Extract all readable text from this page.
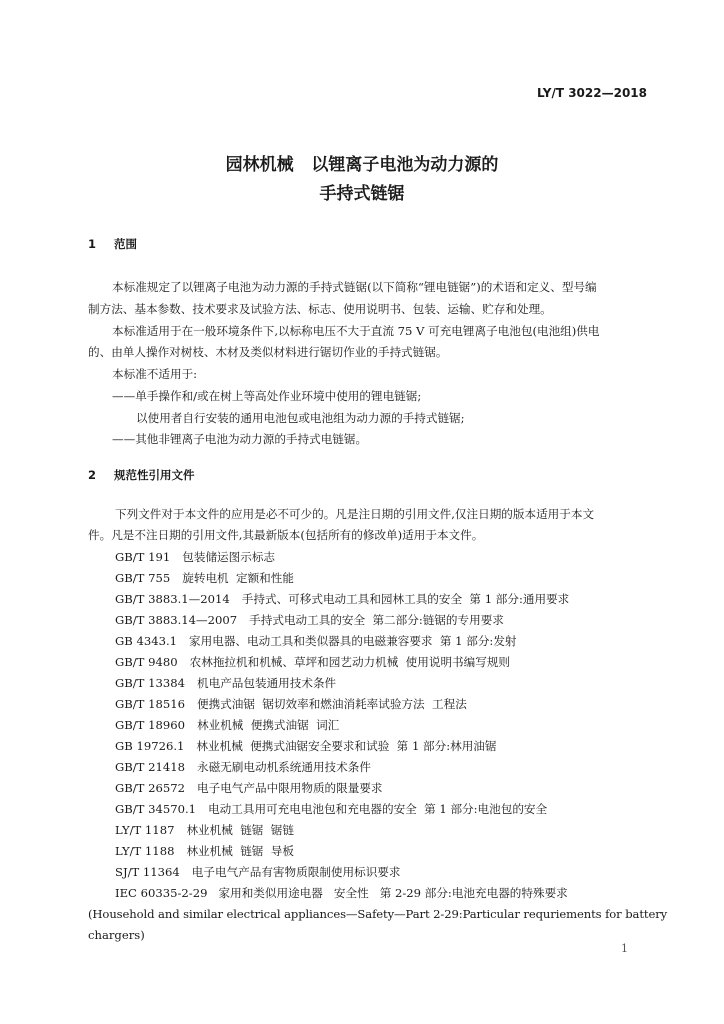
LY/T 3022—2018
园林机械   以锂离子电池为动力源的
手持式链锯
1 范围
本标准规定了以锂离子电池为动力源的手持式链锯(以下简称“锂电链锯”)的术语和定义、型号编
制方法、基本参数、技术要求及试验方法、标志、使用说明书、包装、运输、贮存和处理。
本标准适用于在一般环境条件下,以标称电压不大于直流 75 V 可充电锂离子电池包(电池组)供电
的、由单人操作对树枝、木材及类似材料进行锯切作业的手持式链锯。
本标准不适用于:
——单手操作和/或在树上等高处作业环境中使用的锂电链锯;
以使用者自行安装的通用电池包或电池组为动力源的手持式链锯;
——其他非锂离子电池为动力源的手持式电链锯。
2 规范性引用文件
下列文件对于本文件的应用是必不可少的。凡是注日期的引用文件,仅注日期的版本适用于本文
件。凡是不注日期的引用文件,其最新版本(包括所有的修改单)适用于本文件。
GB/T 191 包装储运图示标志
GB/T 755 旋转电机  定额和性能
GB/T 3883.1—2014 手持式、可移式电动工具和园林工具的安全  第 1 部分:通用要求
GB/T 3883.14—2007 手持式电动工具的安全  第二部分:链锯的专用要求
GB 4343.1 家用电器、电动工具和类似器具的电磁兼容要求  第 1 部分:发射
GB/T 9480 农林拖拉机和机械、草坪和园艺动力机械  使用说明书编写规则
GB/T 13384 机电产品包装通用技术条件
GB/T 18516 便携式油锯  锯切效率和燃油消耗率试验方法  工程法
GB/T 18960 林业机械  便携式油锯  词汇
GB 19726.1 林业机械  便携式油锯安全要求和试验  第 1 部分:林用油锯
GB/T 21418 永磁无刷电动机系统通用技术条件
GB/T 26572 电子电气产品中限用物质的限量要求
GB/T 34570.1 电动工具用可充电电池包和充电器的安全  第 1 部分:电池包的安全
LY/T 1187 林业机械  链锯  锯链
LY/T 1188 林业机械  链锯  导板
SJ/T 11364 电子电气产品有害物质限制使用标识要求
IEC 60335-2-29   家用和类似用途电器   安全性   第 2-29 部分:电池充电器的特殊要求
(Household and similar electrical appliances—Safety—Part 2-29:Particular requriements for battery
chargers)
1
